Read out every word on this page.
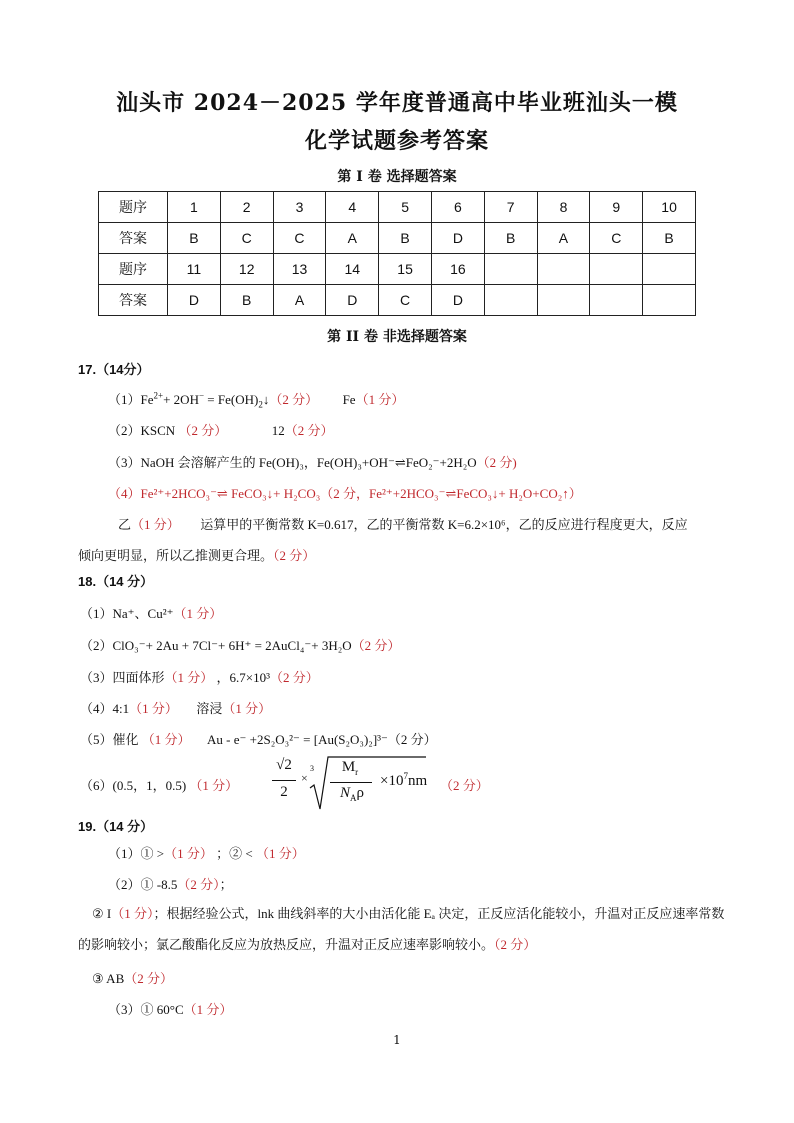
汕头市 2024－2025 学年度普通高中毕业班汕头一模
化学试题参考答案
第 I 卷 选择题答案
题序	1	2	3	4	5	6	7	8	9	10
答案	B	C	C	A	B	D	B	A	C	B
题序	11	12	13	14	15	16				
答案	D	B	A	D	C	D				
第 II 卷 非选择题答案
17.（14分）
$(1)Fe^{2+}+ 2OH^-$ = $Fe(OH)_2↓(2$ 分） Fe（1 分）
（2）KSCN （2 分）	12（2 分）
（3）NaOH 会溶解产生的 Fe(OH)₃，Fe(OH)₃+OH⁻⇌FeO₂⁻+2H₂O（2 分)
（4）Fe²⁺+2HCO₃⁻⇌ FeCO₃↓+ H₂CO₃（2 分，Fe²⁺+2HCO₃⁻⇌FeCO₃↓+ H₂O+CO₂↑）
乙（1 分） 运算甲的平衡常数 K=0.617，乙的平衡常数 K=6.2×10⁶，乙的反应进行程度更大，反应
倾向更明显，所以乙推测更合理。（2 分）
18.（14 分）
（1）Na⁺、Cu²⁺（1 分）
（2）ClO₃⁻+ 2Au + 7Cl⁻+ 6H⁺ = 2AuCl₄⁻+ 3H₂O（2 分）
（3）四面体形（1 分） ，6.7×10³（2 分）
（4）4:1（1 分） 溶浸（1 分）
（5）催化 （1 分） Au - e⁻ +2S₂O₃²⁻ = [Au(S₂O₃)₂]³⁻（2 分）
（6）(0.5，1，0.5) （1 分）
√2
2
×
3	$M_r$
$N_A\rho$
$\times 10^7nm$ （2 分）
19.（14 分）
（1）① >（1 分） ；② < （1 分）
（2）① -8.5（2 分）；
② I（1 分）；根据经验公式，lnk 曲线斜率的大小由活化能 Eₐ 决定，正反应活化能较小，升温对正反应速率常数的影响较小；氯乙酸酯化反应为放热反应，升温对正反应速率影响较小。（2 分）
③ AB（2 分）
（3）① 60°C（1 分）
1
